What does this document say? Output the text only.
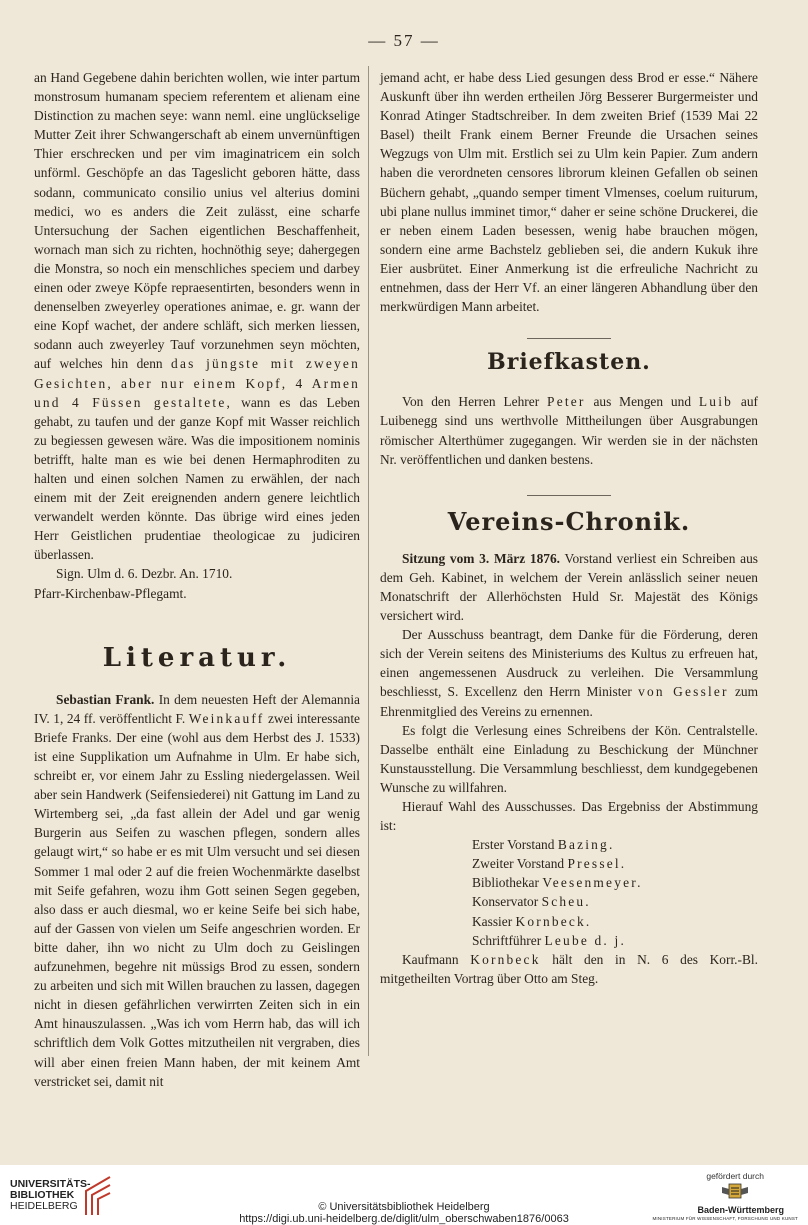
— 57 —

an Hand Gegebene dahin berichten wollen, wie inter partum monstrosum humanam speciem referentem et alienam eine Distinction zu machen seye: wann neml. eine unglückselige Mutter Zeit ihrer Schwangerschaft ab einem unvernünftigen Thier erschrecken und per vim imaginatricem ein solch unförml. Geschöpfe an das Tageslicht geboren hätte, dass sodann, communicato consilio unius vel alterius domini medici, wo es anders die Zeit zulässt, eine scharfe Untersuchung der Sachen eigentlichen Beschaffenheit, wornach man sich zu richten, hochnöthig seye; dahergegen die Monstra, so noch ein menschliches speciem und darbey einen oder zweye Köpfe repraesentirten, besonders wenn in denenselben zweyerley operationes animae, e. gr. wann der eine Kopf wachet, der andere schläft, sich merken liessen, sodann auch zweyerley Tauf vorzunehmen seyn möchten, auf welches hin denn das jüngste mit zweyen Gesichten, aber nur einem Kopf, 4 Armen und 4 Füssen gestaltete, wann es das Leben gehabt, zu taufen und der ganze Kopf mit Wasser reichlich zu begiessen gewesen wäre. Was die impositionem nominis betrifft, halte man es wie bei denen Hermaphroditen zu halten und einen solchen Namen zu erwählen, der nach einem mit der Zeit ereignenden andern genere leichtlich verwandelt werden könnte. Das übrige wird eines jeden Herr Geistlichen prudentiae theologicae zu judiciren überlassen.

Sign. Ulm d. 6. Dezbr. An. 1710.

Pfarr-Kirchenbaw-Pflegamt.

Literatur.

Sebastian Frank. In dem neuesten Heft der Alemannia IV. 1, 24 ff. veröffentlicht F. Weinkauff zwei interessante Briefe Franks. Der eine (wohl aus dem Herbst des J. 1533) ist eine Supplikation um Aufnahme in Ulm. Er habe sich, schreibt er, vor einem Jahr zu Essling niedergelassen. Weil aber sein Handwerk (Seifensiederei) nit Gattung im Land zu Wirtemberg sei, „da fast allein der Adel und gar wenig Burgerin aus Seifen zu waschen pflegen, sondern alles gelaugt wirt,“ so habe er es mit Ulm versucht und sei diesen Sommer 1 mal oder 2 auf die freien Wochenmärkte daselbst mit Seife gefahren, wozu ihm Gott seinen Segen gegeben, also dass er auch diesmal, wo er keine Seife bei sich habe, auf der Gassen von vielen um Seife angeschrien worden. Er bitte daher, ihn wo nicht zu Ulm doch zu Geislingen aufzunehmen, begehre nit müssigs Brod zu essen, sondern zu arbeiten und sich mit Willen brauchen zu lassen, dagegen nicht in diesen gefährlichen verwirrten Zeiten sich in ein Amt hinauszulassen. „Was ich vom Herrn hab, das will ich schriftlich dem Volk Gottes mitzutheilen nit vergraben, dies will aber einen freien Mann haben, der mit keinem Amt verstricket sei, damit nit

jemand acht, er habe dess Lied gesungen dess Brod er esse.“ Nähere Auskunft über ihn werden ertheilen Jörg Besserer Burgermeister und Konrad Atinger Stadtschreiber. In dem zweiten Brief (1539 Mai 22 Basel) theilt Frank einem Berner Freunde die Ursachen seines Wegzugs von Ulm mit. Erstlich sei zu Ulm kein Papier. Zum andern haben die verordneten censores librorum kleinen Gefallen ob seinen Büchern gehabt, „quando semper timent Vlmenses, coelum ruiturum, ubi plane nullus imminet timor,“ daher er seine schöne Druckerei, die er neben einem Laden besessen, wenig habe brauchen mögen, sondern eine arme Bachstelz geblieben sei, die andern Kukuk ihre Eier ausbrütet. Einer Anmerkung ist die erfreuliche Nachricht zu entnehmen, dass der Herr Vf. an einer längeren Abhandlung über den merkwürdigen Mann arbeitet.

Briefkasten.

Von den Herren Lehrer Peter aus Mengen und Luib auf Luibenegg sind uns werthvolle Mittheilungen über Ausgrabungen römischer Alterthümer zugegangen. Wir werden sie in der nächsten Nr. veröffentlichen und danken bestens.

Vereins-Chronik.

Sitzung vom 3. März 1876. Vorstand verliest ein Schreiben aus dem Geh. Kabinet, in welchem der Verein anlässlich seiner neuen Monatschrift der Allerhöchsten Huld Sr. Majestät des Königs versichert wird.

Der Ausschuss beantragt, dem Danke für die Förderung, deren sich der Verein seitens des Ministeriums des Kultus zu erfreuen hat, einen angemessenen Ausdruck zu verleihen. Die Versammlung beschliesst, S. Excellenz den Herrn Minister von Gessler zum Ehrenmitglied des Vereins zu ernennen.

Es folgt die Verlesung eines Schreibens der Kön. Centralstelle. Dasselbe enthält eine Einladung zu Beschickung der Münchner Kunstausstellung. Die Versammlung beschliesst, dem kundgegebenen Wunsche zu willfahren.

Hierauf Wahl des Ausschusses. Das Ergebniss der Abstimmung ist:

Erster Vorstand Bazing.
Zweiter Vorstand Pressel.
Bibliothekar Veesenmeyer.
Konservator Scheu.
Kassier Kornbeck.
Schriftführer Leube d. j.

Kaufmann Kornbeck hält den in N. 6 des Korr.-Bl. mitgetheilten Vortrag über Otto am Steg.

UNIVERSITÄTS-
BIBLIOTHEK
HEIDELBERG	© Universitätsbibliothek Heidelberg
https://digi.ub.uni-heidelberg.de/diglit/ulm_oberschwaben1876/0063
gefördert durch
Baden-Württemberg
MINISTERIUM FÜR WISSENSCHAFT, FORSCHUNG UND KUNST
